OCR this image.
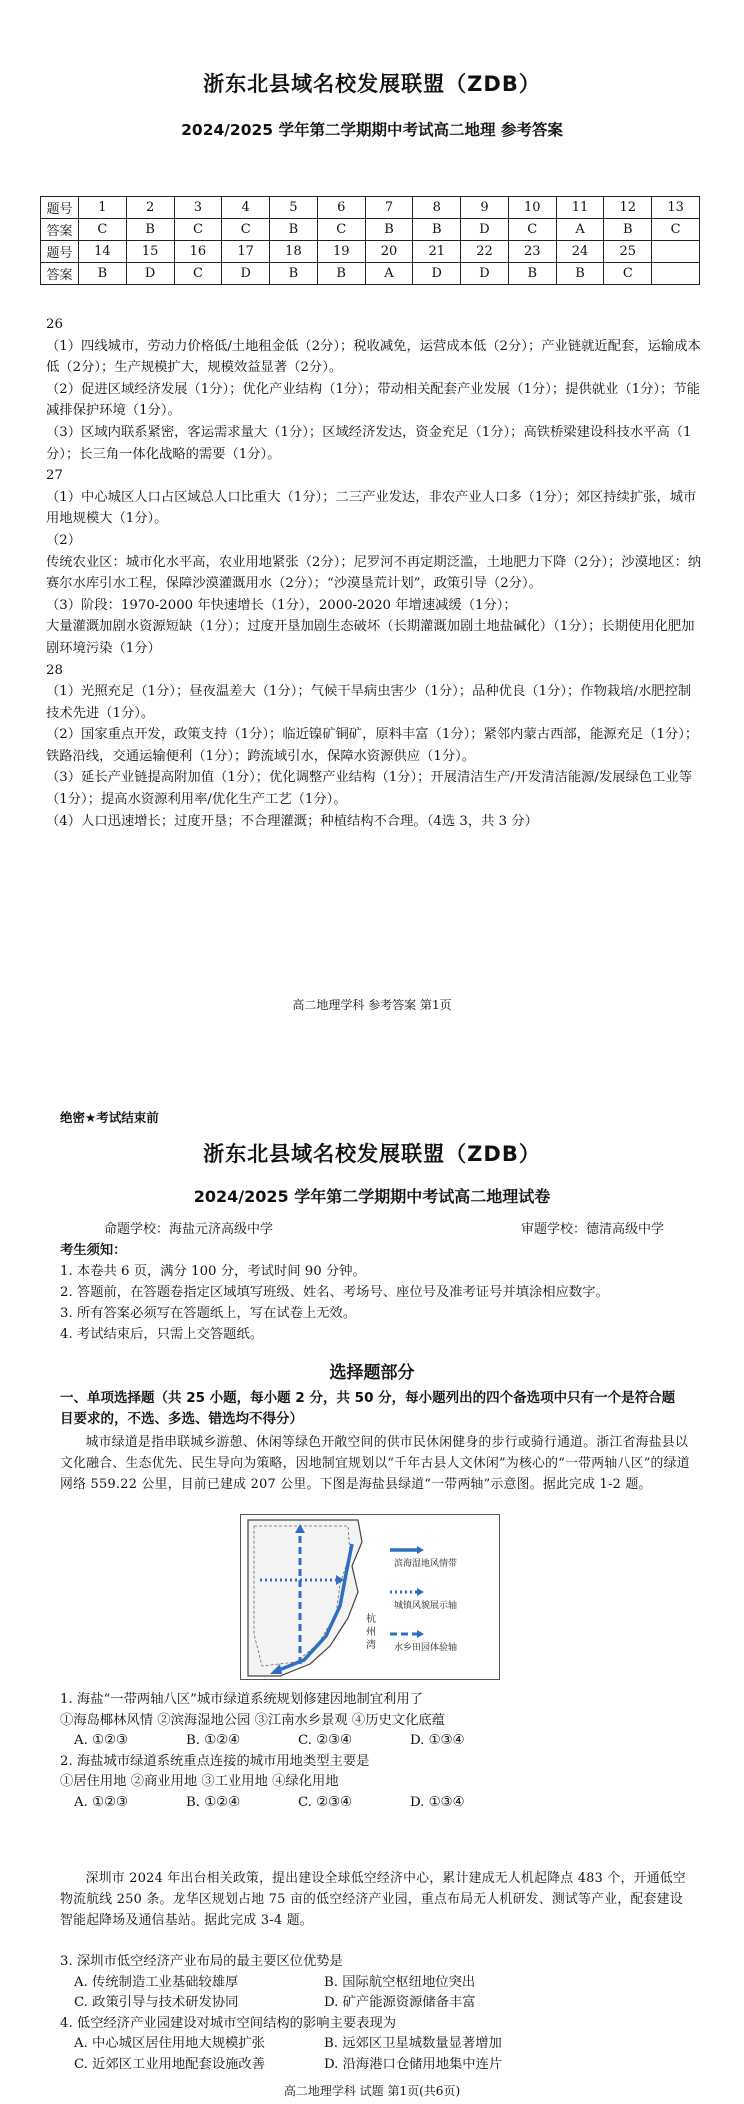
浙东北县域名校发展联盟（ZDB）
2024/2025 学年第二学期期中考试高二地理 参考答案
题号	1	2	3	4	5	6	7	8	9	10	11	12	13
答案	C	B	C	C	B	C	B	B	D	C	A	B	C
题号	14	15	16	17	18	19	20	21	22	23	24	25	
答案	B	D	C	D	B	B	A	D	D	B	B	C	
26
（1）四线城市，劳动力价格低/土地租金低（2分）；税收减免，运营成本低（2分）；产业链就近配套，运输成本低（2分）；生产规模扩大，规模效益显著（2分）。
（2）促进区域经济发展（1分）；优化产业结构（1分）；带动相关配套产业发展（1分）；提供就业（1分）；节能减排保护环境（1分）。
（3）区域内联系紧密，客运需求量大（1分）；区域经济发达，资金充足（1分）；高铁桥梁建设科技水平高（1分）；长三角一体化战略的需要（1分）。
27
（1）中心城区人口占区域总人口比重大（1分）；二三产业发达，非农产业人口多（1分）；郊区持续扩张，城市用地规模大（1分）。
（2）
传统农业区：城市化水平高，农业用地紧张（2分）；尼罗河不再定期泛滥，土地肥力下降（2分）；沙漠地区：纳赛尔水库引水工程，保障沙漠灌溉用水（2分）；“沙漠垦荒计划”，政策引导（2分）。
（3）阶段：1970-2000 年快速增长（1分），2000-2020 年增速减缓（1分）；
大量灌溉加剧水资源短缺（1分）；过度开垦加剧生态破坏（长期灌溉加剧土地盐碱化）（1分）；长期使用化肥加剧环境污染（1分）
28
（1）光照充足（1分）；昼夜温差大（1分）；气候干旱病虫害少（1分）；品种优良（1分）；作物栽培/水肥控制技术先进（1分）。
（2）国家重点开发，政策支持（1分）；临近镍矿铜矿，原料丰富（1分）；紧邻内蒙古西部，能源充足（1分）；铁路沿线，交通运输便利（1分）；跨流域引水，保障水资源供应（1分）。
（3）延长产业链提高附加值（1分）；优化调整产业结构（1分）；开展清洁生产/开发清洁能源/发展绿色工业等（1分）；提高水资源利用率/优化生产工艺（1分）。
（4）人口迅速增长；过度开垦；不合理灌溉；种植结构不合理。（4选 3，共 3 分）
高二地理学科 参考答案 第1页
绝密★考试结束前
浙东北县域名校发展联盟（ZDB）
2024/2025 学年第二学期期中考试高二地理试卷
命题学校：海盐元济高级中学	审题学校：德清高级中学
考生须知：
1. 本卷共 6 页，满分 100 分，考试时间 90 分钟。
2. 答题前，在答题卷指定区域填写班级、姓名、考场号、座位号及准考证号并填涂相应数字。
3. 所有答案必须写在答题纸上，写在试卷上无效。
4. 考试结束后，只需上交答题纸。
选择题部分
一、单项选择题（共 25 小题，每小题 2 分，共 50 分，每小题列出的四个备选项中只有一个是符合题目要求的，不选、多选、错选均不得分）
城市绿道是指串联城乡游憩、休闲等绿色开敞空间的供市民休闲健身的步行或骑行通道。浙江省海盐县以文化融合、生态优先、民生导向为策略，因地制宜规划以“千年古县人文休闲”为核心的“一带两轴八区”的绿道网络 559.22 公里，目前已建成 207 公里。下图是海盐县绿道“一带两轴”示意图。据此完成 1-2 题。
杭
州
湾
滨海湿地风情带
城镇风貌展示轴
水乡田园体验轴
1. 海盐“一带两轴八区”城市绿道系统规划修建因地制宜利用了
①海岛椰林风情 ②滨海湿地公园 ③江南水乡景观 ④历史文化底蕴
A. ①②③	B. ①②④	C. ②③④	D. ①③④
2. 海盐城市绿道系统重点连接的城市用地类型主要是
①居住用地 ②商业用地 ③工业用地 ④绿化用地
A. ①②③	B. ①②④	C. ②③④	D. ①③④
深圳市 2024 年出台相关政策，提出建设全球低空经济中心，累计建成无人机起降点 483 个，开通低空物流航线 250 条。龙华区规划占地 75 亩的低空经济产业园，重点布局无人机研发、测试等产业，配套建设智能起降场及通信基站。据此完成 3-4 题。
3. 深圳市低空经济产业布局的最主要区位优势是
A. 传统制造工业基础较雄厚	B. 国际航空枢纽地位突出
C. 政策引导与技术研发协同	D. 矿产能源资源储备丰富
4. 低空经济产业园建设对城市空间结构的影响主要表现为
A. 中心城区居住用地大规模扩张	B. 远郊区卫星城数量显著增加
C. 近郊区工业用地配套设施改善	D. 沿海港口仓储用地集中连片
高二地理学科 试题 第1页(共6页)
